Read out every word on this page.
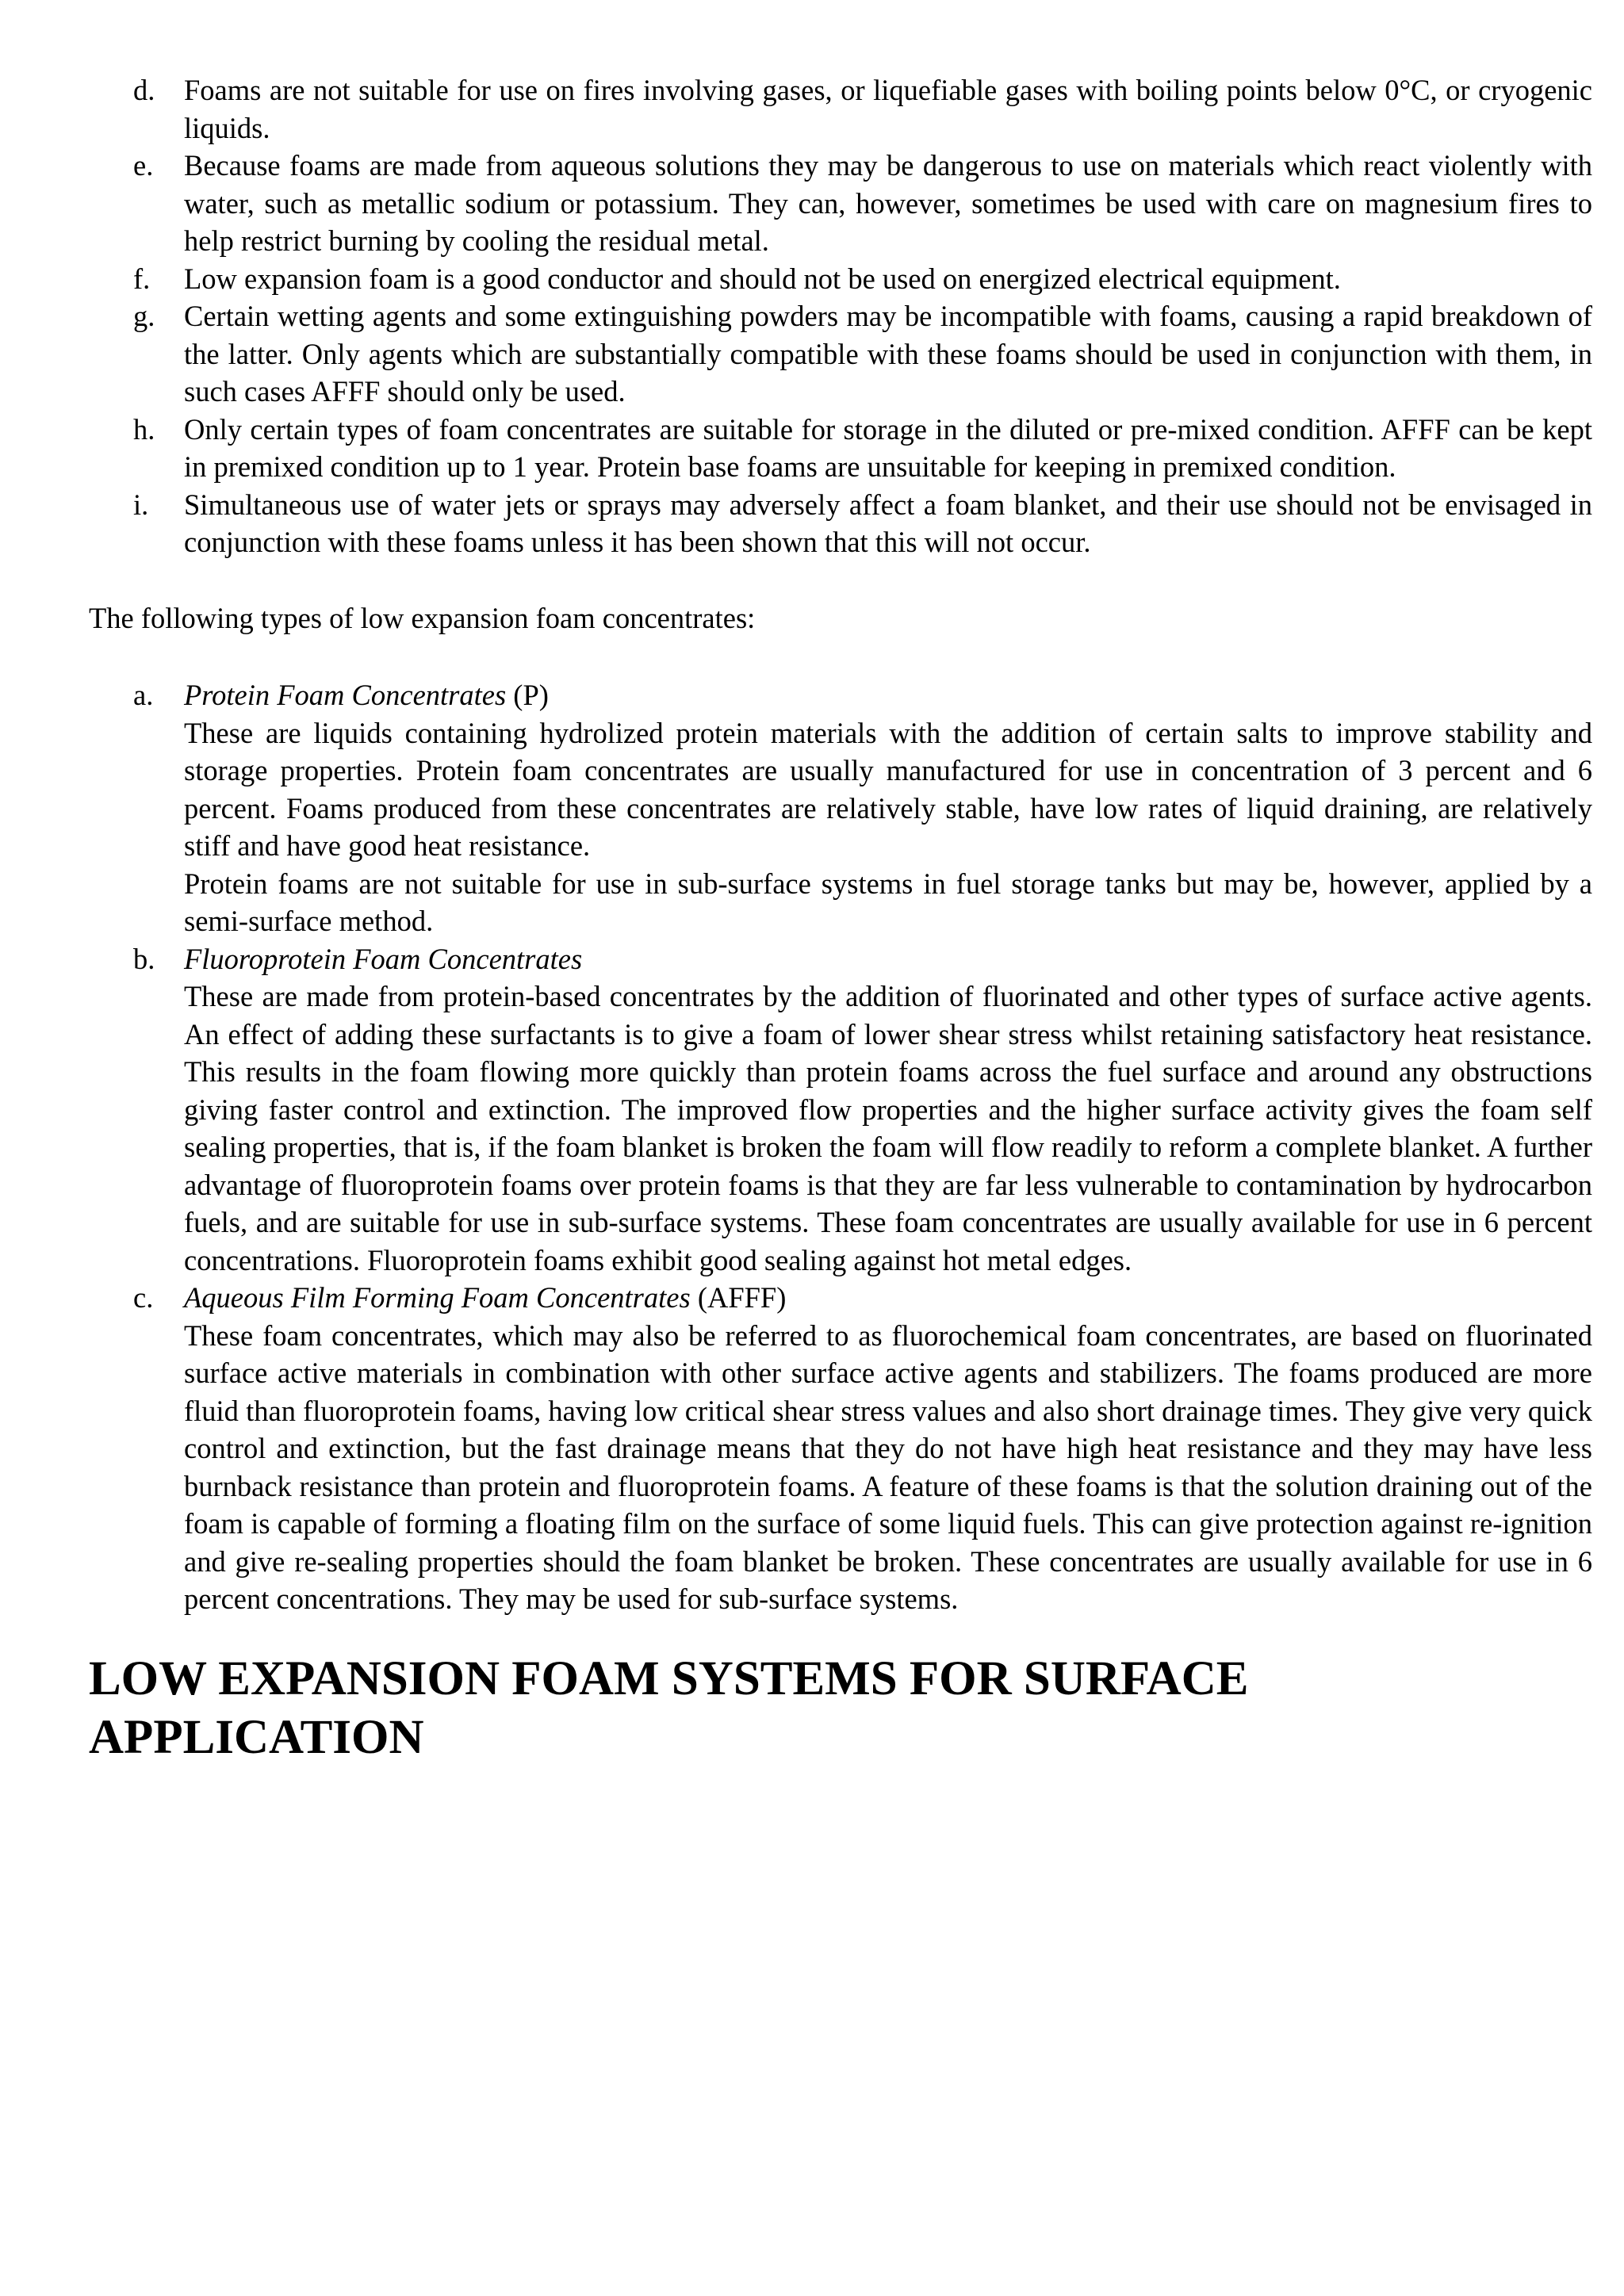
d. Foams are not suitable for use on fires involving gases, or liquefiable gases with boiling points below 0°C, or cryogenic liquids.
e. Because foams are made from aqueous solutions they may be dangerous to use on materials which react violently with water, such as metallic sodium or potassium. They can, however, sometimes be used with care on magnesium fires to help restrict burning by cooling the residual metal.
f. Low expansion foam is a good conductor and should not be used on energized electrical equipment.
g. Certain wetting agents and some extinguishing powders may be incompatible with foams, causing a rapid breakdown of the latter. Only agents which are substantially compatible with these foams should be used in conjunction with them, in such cases AFFF should only be used.
h. Only certain types of foam concentrates are suitable for storage in the diluted or pre-mixed condition. AFFF can be kept in premixed condition up to 1 year. Protein base foams are unsuitable for keeping in premixed condition.
i. Simultaneous use of water jets or sprays may adversely affect a foam blanket, and their use should not be envisaged in conjunction with these foams unless it has been shown that this will not occur.

The following types of low expansion foam concentrates:

a. Protein Foam Concentrates (P)

These are liquids containing hydrolized protein materials with the addition of certain salts to improve stability and storage properties. Protein foam concentrates are usually manufactured for use in concentration of 3 percent and 6 percent. Foams produced from these concentrates are relatively stable, have low rates of liquid draining, are relatively stiff and have good heat resistance.

Protein foams are not suitable for use in sub-surface systems in fuel storage tanks but may be, however, applied by a semi-surface method.

b. Fluoroprotein Foam Concentrates

These are made from protein-based concentrates by the addition of fluorinated and other types of surface active agents. An effect of adding these surfactants is to give a foam of lower shear stress whilst retaining satisfactory heat resistance. This results in the foam flowing more quickly than protein foams across the fuel surface and around any obstructions giving faster control and extinction. The improved flow properties and the higher surface activity gives the foam self sealing properties, that is, if the foam blanket is broken the foam will flow readily to reform a complete blanket. A further advantage of fluoroprotein foams over protein foams is that they are far less vulnerable to contamination by hydrocarbon fuels, and are suitable for use in sub-surface systems. These foam concentrates are usually available for use in 6 percent concentrations. Fluoroprotein foams exhibit good sealing against hot metal edges.

c. Aqueous Film Forming Foam Concentrates (AFFF)

These foam concentrates, which may also be referred to as fluorochemical foam concentrates, are based on fluorinated surface active materials in combination with other surface active agents and stabilizers. The foams produced are more fluid than fluoroprotein foams, having low critical shear stress values and also short drainage times. They give very quick control and extinction, but the fast drainage means that they do not have high heat resistance and they may have less burnback resistance than protein and fluoroprotein foams. A feature of these foams is that the solution draining out of the foam is capable of forming a floating film on the surface of some liquid fuels. This can give protection against re-ignition and give re-sealing properties should the foam blanket be broken. These concentrates are usually available for use in 6 percent concentrations. They may be used for sub-surface systems.

LOW EXPANSION FOAM SYSTEMS FOR SURFACE APPLICATION
